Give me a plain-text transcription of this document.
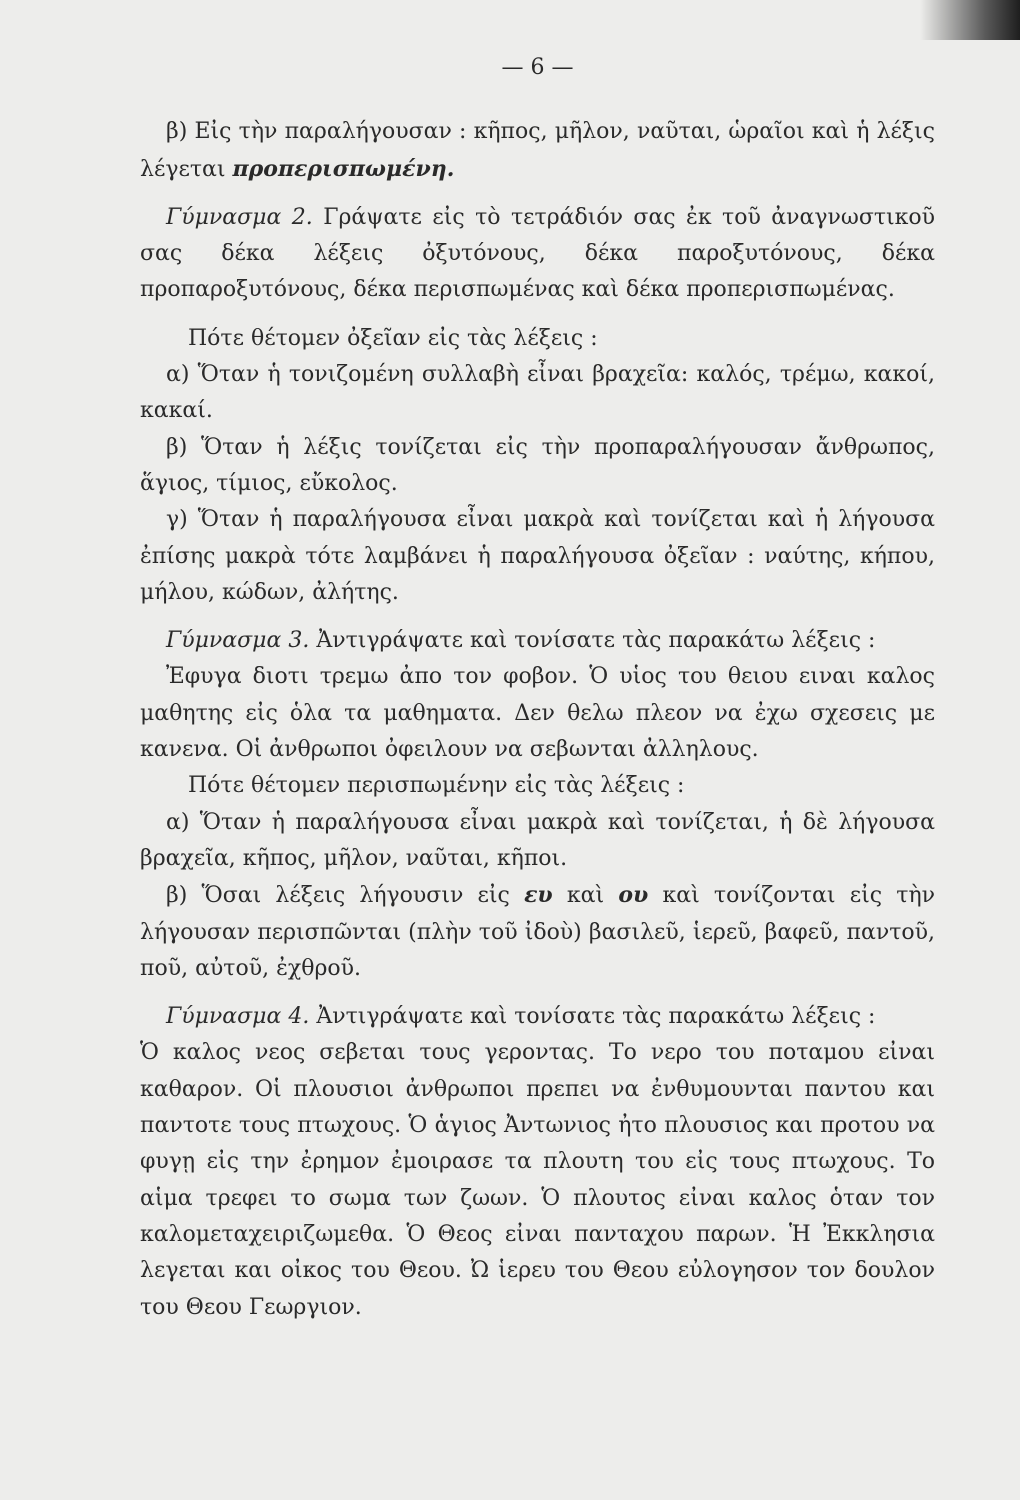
— 6 —

β) Εἰς τὴν παραλήγουσαν : κῆπος, μῆλον, ναῦται, ὡραῖοι καὶ ἡ λέξις λέγεται προπερισπωμένη.

Γύμνασμα 2. Γράψατε εἰς τὸ τετράδιόν σας ἐκ τοῦ ἀναγνωστικοῦ σας δέκα λέξεις ὀξυτόνους, δέκα παροξυτόνους, δέκα προπαροξυτόνους, δέκα περισπωμένας καὶ δέκα προπερισπωμένας.

Πότε θέτομεν ὀξεῖαν εἰς τὰς λέξεις :

α) Ὅταν ἡ τονιζομένη συλλαβὴ εἶναι βραχεῖα: καλός, τρέμω, κακοί, κακαί.

β) Ὅταν ἡ λέξις τονίζεται εἰς τὴν προπαραλήγουσαν ἄνθρωπος, ἅγιος, τίμιος, εὔκολος.

γ) Ὅταν ἡ παραλήγουσα εἶναι μακρὰ καὶ τονίζεται καὶ ἡ λήγουσα ἐπίσης μακρὰ τότε λαμβάνει ἡ παραλήγουσα ὀξεῖαν : ναύτης, κήπου, μήλου, κώδων, ἀλήτης.

Γύμνασμα 3. Ἀντιγράψατε καὶ τονίσατε τὰς παρακάτω λέξεις :

Ἐφυγα διοτι τρεμω ἀπο τον φοβον. Ὁ υἱος του θειου ειναι καλος μαθητης εἰς ὁλα τα μαθηματα. Δεν θελω πλεον να ἐχω σχεσεις με κανενα. Οἱ ἀνθρωποι ὀφειλουν να σεβωνται ἀλληλους.

Πότε θέτομεν περισπωμένην εἰς τὰς λέξεις :

α) Ὅταν ἡ παραλήγουσα εἶναι μακρὰ καὶ τονίζεται, ἡ δὲ λήγουσα βραχεῖα, κῆπος, μῆλον, ναῦται, κῆποι.

β) Ὅσαι λέξεις λήγουσιν εἰς ευ καὶ ου καὶ τονίζονται εἰς τὴν λήγουσαν περισπῶνται (πλὴν τοῦ ἰδοὺ) βασιλεῦ, ἱερεῦ, βαφεῦ, παντοῦ, ποῦ, αὐτοῦ, ἐχθροῦ.

Γύμνασμα 4. Ἀντιγράψατε καὶ τονίσατε τὰς παρακάτω λέξεις :

Ὁ καλος νεος σεβεται τους γεροντας. Το νερο του ποταμου εἰναι καθαρον. Οἱ πλουσιοι ἀνθρωποι πρεπει να ἐνθυμουνται παντου και παντοτε τους πτωχους. Ὁ ἁγιος Ἀντωνιος ἠτο πλουσιος και προτου να φυγῃ εἰς την ἐρημον ἐμοιρασε τα πλουτη του εἰς τους πτωχους. Το αἱμα τρεφει το σωμα των ζωων. Ὁ πλουτος εἰναι καλος ὁταν τον καλομεταχειριζωμεθα. Ὁ Θεος εἰναι πανταχου παρων. Ἡ Ἐκκλησια λεγεται και οἰκος του Θεου. Ὠ ἱερευ του Θεου εὐλογησον τον δουλον του Θεου Γεωργιον.
